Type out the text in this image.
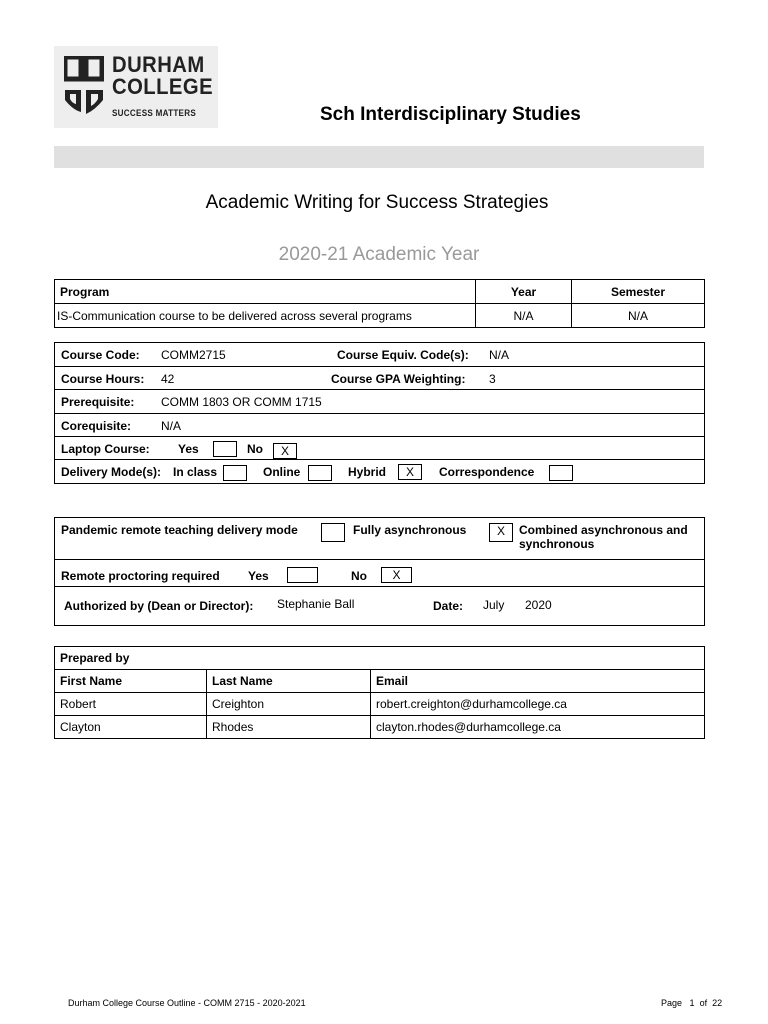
DURHAM
COLLEGE
SUCCESS MATTERS	Sch Interdisciplinary Studies
Academic Writing for Success Strategies
2020-21 Academic Year
Program	Year	Semester
IS-Communication course to be delivered across several programs	N/A	N/A
Course Code: COMM2715	Course Equiv. Code(s): N/A
Course Hours: 42	Course GPA Weighting: 3
Prerequisite: COMM 1803 OR COMM 1715
Corequisite: N/A
Laptop Course: Yes	No	X
Delivery Mode(s): In class	Online	Hybrid	X	Correspondence
Pandemic remote teaching delivery mode	Fully asynchronous	X	Combined asynchronous and
synchronous
Remote proctoring required Yes	No	X
Authorized by (Dean or Director): Stephanie Ball	Date: July 2020
Prepared by		
First Name	Last Name	Email
Robert	Creighton	robert.creighton@durhamcollege.ca
Clayton	Rhodes	clayton.rhodes@durhamcollege.ca
Durham College Course Outline - COMM 2715 - 2020-2021	Page 1 of 22
